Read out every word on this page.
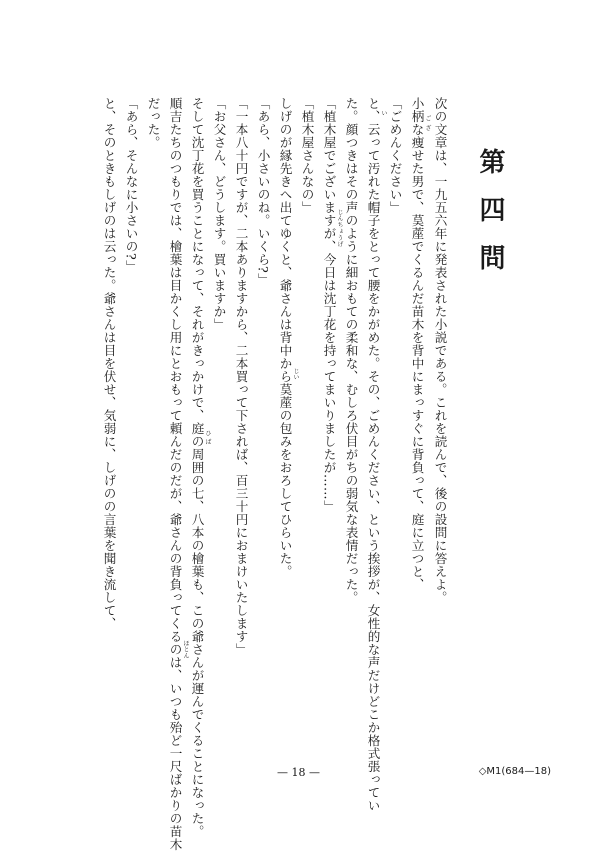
第四問
次の文章は、一九五六年に発表された小説である。これを読んで、後の設問に答えよ。
小柄な痩せた男で、茣蓙でくるんだ苗木を背中にまっすぐに背負って、庭に立つと、
「ごめんください」
と、云って汚れた帽子をとって腰をかがめた。その、ごめんください、という挨拶が、女性的な声だけどこか格式張ってい
た。顔つきはその声のように細おもての柔和な、むしろ伏目がちの弱気な表情だった。
「植木屋でございますが、今日は沈丁花を持ってまいりましたが……」
「植木屋さんなの」
しげのが縁先きへ出てゆくと、爺さんは背中から茣蓙の包みをおろしてひらいた。
「あら、小さいのね。いくら?」
「一本八十円ですが、二本ありますから、二本買って下されば、百三十円におまけいたします」
「お父さん、どうします。買いますか」
そして沈丁花を買うことになって、それがきっかけで、庭の周囲の七、八本の檜葉も、この爺さんが運んでくることになった。
順吉たちのつもりでは、檜葉は目かくし用にとおもって頼んだのだが、爺さんの背負ってくるのは、いつも殆ど一尺ばかりの苗木
だった。
「あら、そんなに小さいの?」
と、そのときもしげのは云った。爺さんは目を伏せ、気弱に、しげのの言葉を聞き流して、	ご ざ
い
じんちょうげ
じい
ひ ば
ほとん
— 18 —	◇M1(684—18)
